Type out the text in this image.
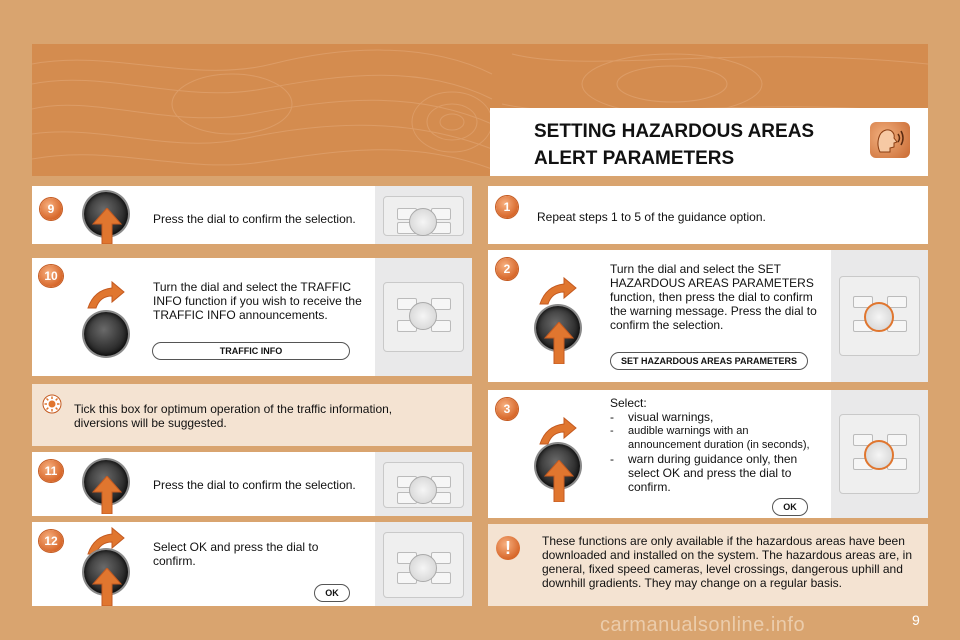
SETTING HAZARDOUS AREAS
ALERT PARAMETERS
9
Press the dial to confirm the selection.
10
Turn the dial and select the TRAFFIC INFO function if you wish to receive the TRAFFIC INFO announcements.
TRAFFIC INFO
Tick this box for optimum operation of the traffic information, diversions will be suggested.
11
Press the dial to confirm the selection.
12	Select OK and press the dial to confirm.
OK
1
Repeat steps 1 to 5 of the guidance option.
2	Turn the dial and select the SET HAZARDOUS AREAS PARAMETERS function, then press the dial to confirm the warning message. Press the dial to confirm the selection.
SET HAZARDOUS AREAS PARAMETERS
3	Select:
- visual warnings,
- audible warnings with an announcement duration (in seconds),
- warn during guidance only, then select OK and press the dial to confirm.
OK
These functions are only available if the hazardous areas have been downloaded and installed on the system. The hazardous areas are, in general, fixed speed cameras, level crossings, dangerous uphill and downhill gradients. They may change on a regular basis.
!
carmanualsonline.info	9
